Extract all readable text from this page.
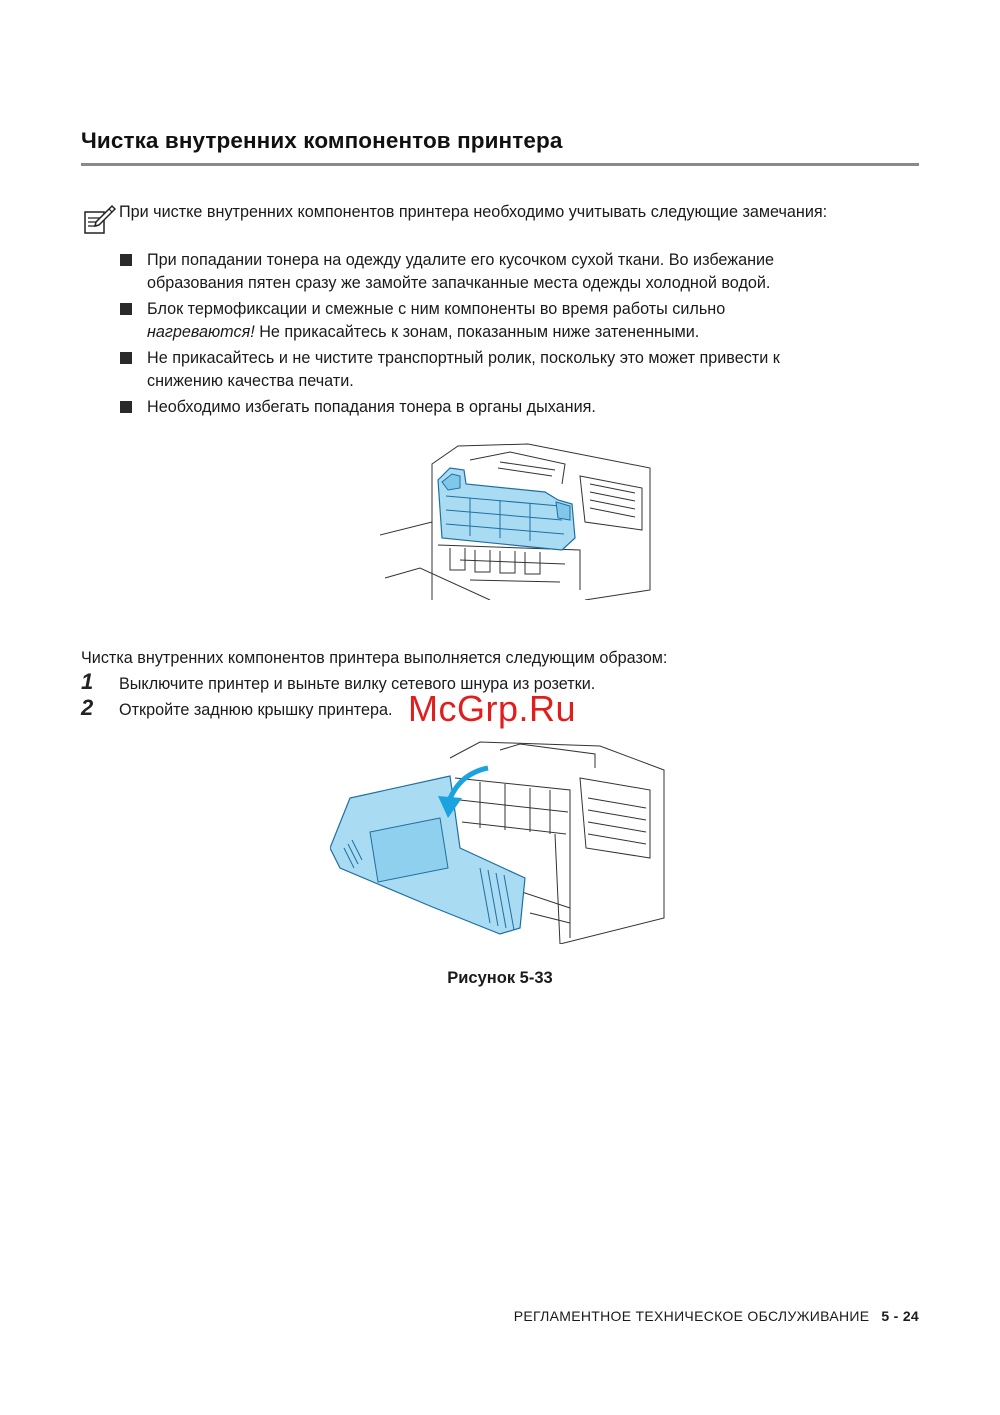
Чистка внутренних компонентов принтера
При чистке внутренних компонентов принтера необходимо учитывать следующие замечания:
При попадании тонера на одежду удалите его кусочком сухой ткани. Во избежание
образования пятен сразу же замойте запачканные места одежды холодной водой.
Блок термофиксации и смежные с ним компоненты во время работы сильно
нагреваются! Не прикасайтесь к зонам, показанным ниже затененными.
Не прикасайтесь и не чистите транспортный ролик, поскольку это может привести к
снижению качества печати.
Необходимо избегать попадания тонера в органы дыхания.
Чистка внутренних компонентов принтера выполняется следующим образом:
1	Выключите принтер и выньте вилку сетевого шнура из розетки.
2	Откройте заднюю крышку принтера. McGrp.Ru
Рисунок 5-33
РЕГЛАМЕНТНОЕ ТЕХНИЧЕСКОЕ ОБСЛУЖИВАНИЕ 5 - 24
